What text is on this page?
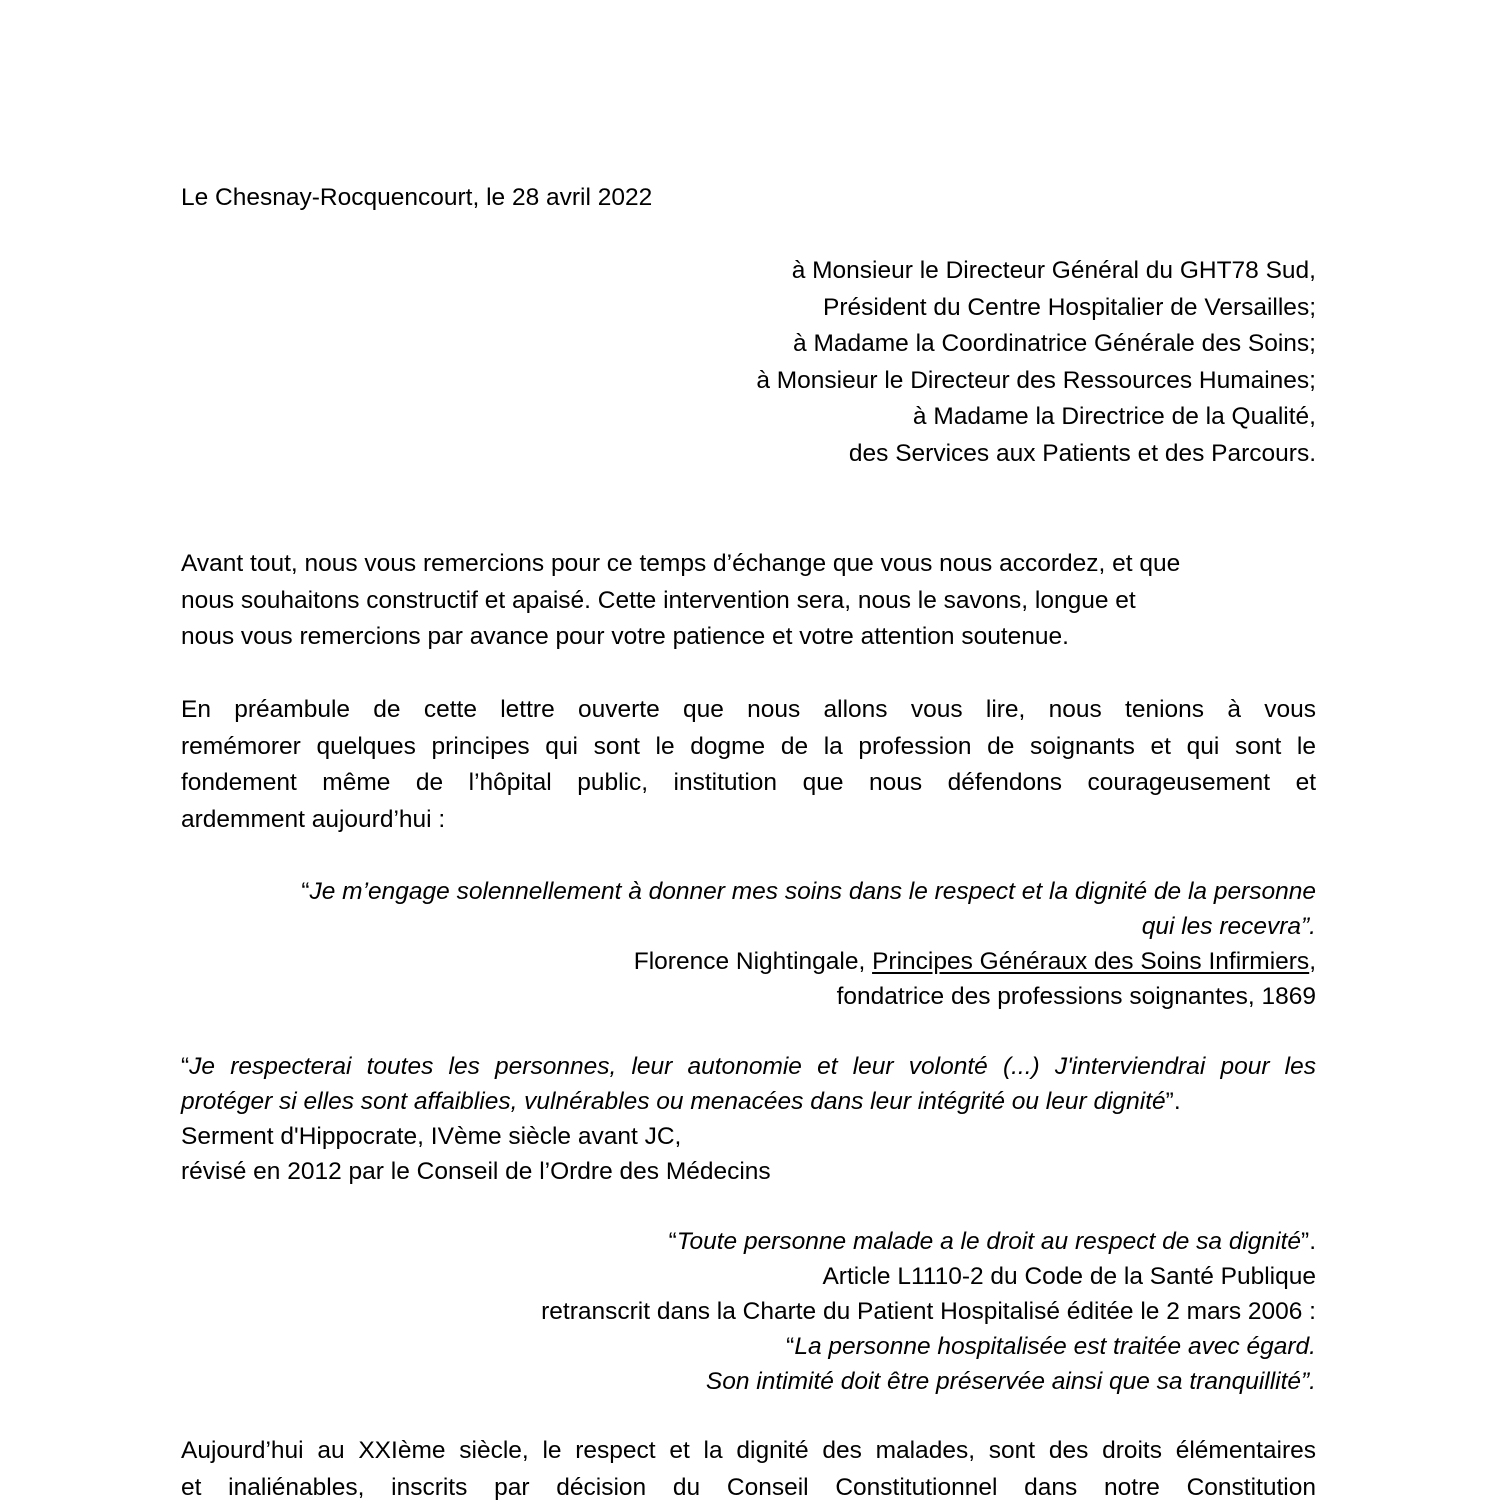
Le Chesnay-Rocquencourt, le 28 avril 2022

à Monsieur le Directeur Général du GHT78 Sud,
Président du Centre Hospitalier de Versailles;
à Madame la Coordinatrice Générale des Soins;
à Monsieur le Directeur des Ressources Humaines;
à Madame la Directrice de la Qualité,
des Services aux Patients et des Parcours.
Avant tout, nous vous remercions pour ce temps d’échange que vous nous accordez, et que
nous souhaitons constructif et apaisé. Cette intervention sera, nous le savons, longue et
nous vous remercions par avance pour votre patience et votre attention soutenue.
En préambule de cette lettre ouverte que nous allons vous lire, nous tenions à vous
remémorer quelques principes qui sont le dogme de la profession de soignants et qui sont le
fondement même de l’hôpital public, institution que nous défendons courageusement et
ardemment aujourd’hui :
“Je m’engage solennellement à donner mes soins dans le respect et la dignité de la personne
qui les recevra”.
Florence Nightingale, Principes Généraux des Soins Infirmiers,
fondatrice des professions soignantes, 1869
“Je respecterai toutes les personnes, leur autonomie et leur volonté (...) J'interviendrai pour les
protéger si elles sont affaiblies, vulnérables ou menacées dans leur intégrité ou leur dignité”.
Serment d'Hippocrate, IVème siècle avant JC,
révisé en 2012 par le Conseil de l’Ordre des Médecins
“Toute personne malade a le droit au respect de sa dignité”.
Article L1110-2 du Code de la Santé Publique
retranscrit dans la Charte du Patient Hospitalisé éditée le 2 mars 2006 :
“La personne hospitalisée est traitée avec égard.
Son intimité doit être préservée ainsi que sa tranquillité”.
Aujourd’hui au XXIème siècle, le respect et la dignité des malades, sont des droits élémentaires
et inaliénables, inscrits par décision du Conseil Constitutionnel dans notre Constitution
